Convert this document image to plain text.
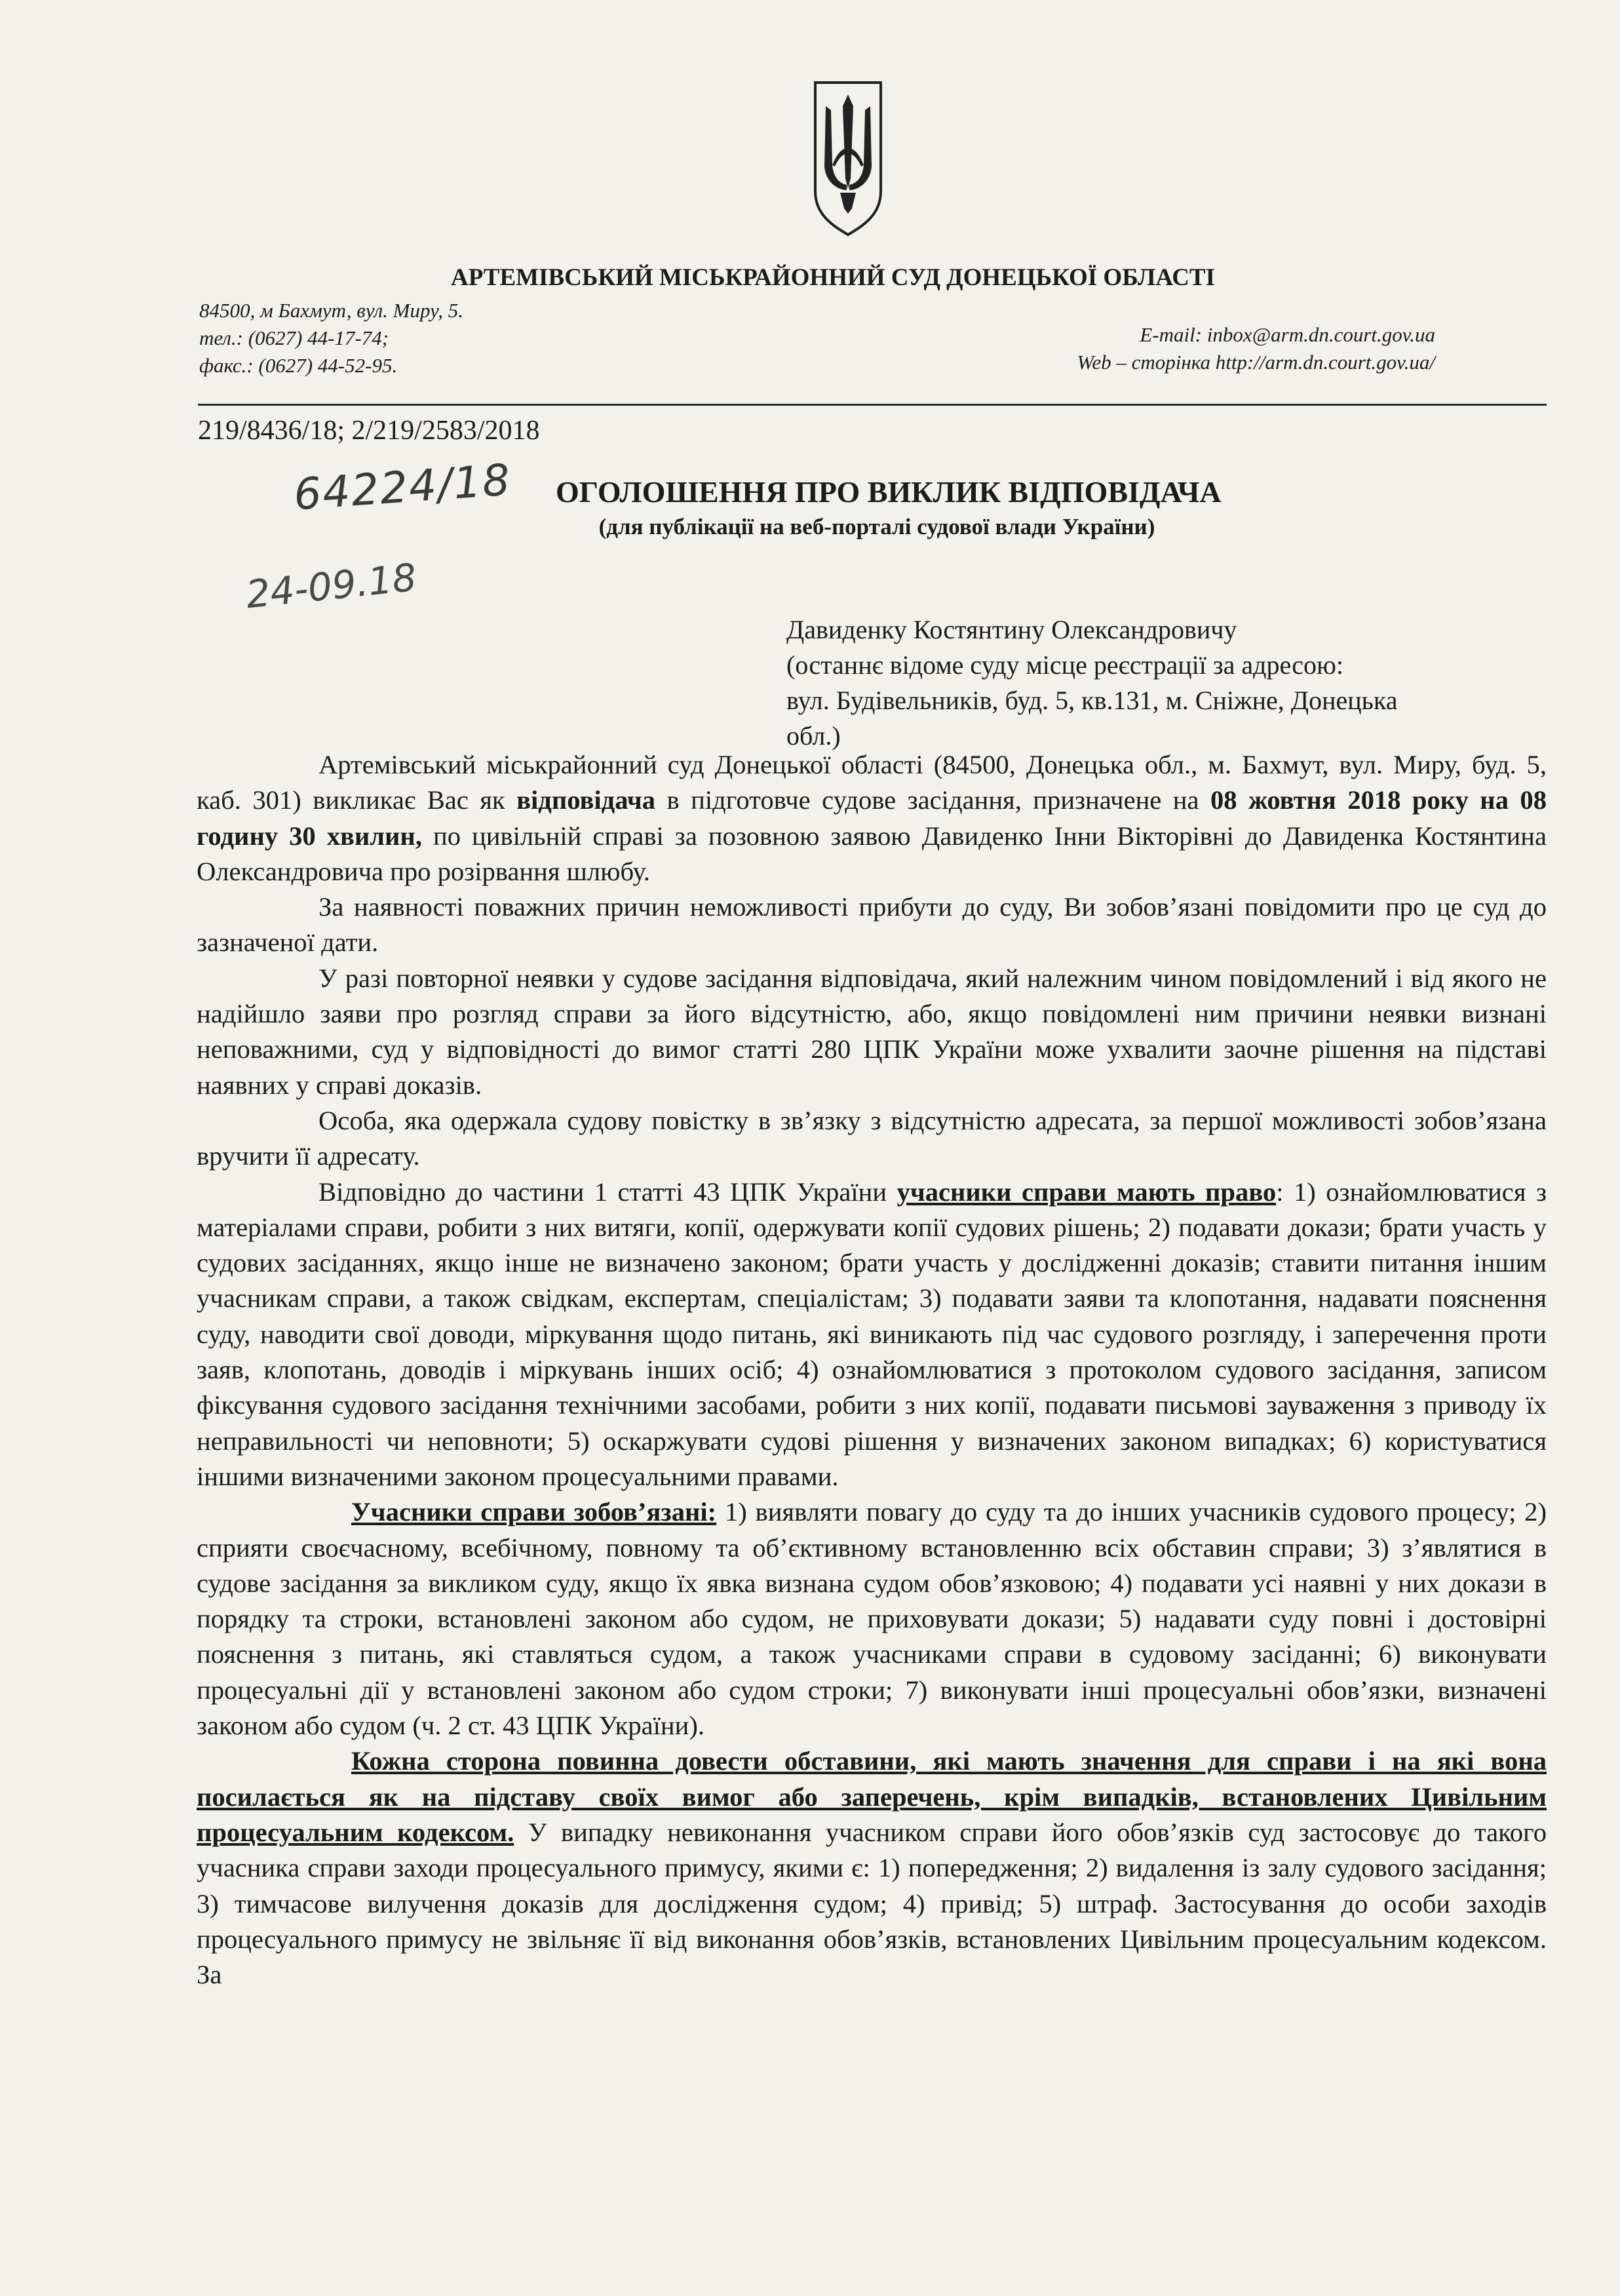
АРТЕМІВСЬКИЙ МІСЬКРАЙОННИЙ СУД ДОНЕЦЬКОЇ ОБЛАСТІ
84500, м Бахмут, вул. Миру, 5.
тел.: (0627) 44-17-74;
факс.: (0627) 44-52-95.
E-mail: inbox@arm.dn.court.gov.ua
Web – сторінка http://arm.dn.court.gov.ua/
219/8436/18; 2/219/2583/2018
64224/18
24-09.18
ОГОЛОШЕННЯ ПРО ВИКЛИК ВІДПОВІДАЧА
(для публікації на веб-порталі судової влади України)
Давиденку Костянтину Олександровичу
(останнє відоме суду місце реєстрації за адресою:
вул. Будівельників, буд. 5, кв.131, м. Сніжне, Донецька
обл.)

Артемівський міськрайонний суд Донецької області (84500, Донецька обл., м. Бахмут, вул. Миру, буд. 5, каб. 301) викликає Вас як відповідача в підготовче судове засідання, призначене на 08 жовтня 2018 року на 08 годину 30 хвилин, по цивільній справі за позовною заявою Давиденко Інни Вікторівні до Давиденка Костянтина Олександровича про розірвання шлюбу.

За наявності поважних причин неможливості прибути до суду, Ви зобов’язані повідомити про це суд до зазначеної дати.

У разі повторної неявки у судове засідання відповідача, який належним чином повідомлений і від якого не надійшло заяви про розгляд справи за його відсутністю, або, якщо повідомлені ним причини неявки визнані неповажними, суд у відповідності до вимог статті 280 ЦПК України може ухвалити заочне рішення на підставі наявних у справі доказів.

Особа, яка одержала судову повістку в зв’язку з відсутністю адресата, за першої можливості зобов’язана вручити її адресату.

Відповідно до частини 1 статті 43 ЦПК України учасники справи мають право: 1) ознайомлюватися з матеріалами справи, робити з них витяги, копії, одержувати копії судових рішень; 2) подавати докази; брати участь у судових засіданнях, якщо інше не визначено законом; брати участь у дослідженні доказів; ставити питання іншим учасникам справи, а також свідкам, експертам, спеціалістам; 3) подавати заяви та клопотання, надавати пояснення суду, наводити свої доводи, міркування щодо питань, які виникають під час судового розгляду, і заперечення проти заяв, клопотань, доводів і міркувань інших осіб; 4) ознайомлюватися з протоколом судового засідання, записом фіксування судового засідання технічними засобами, робити з них копії, подавати письмові зауваження з приводу їх неправильності чи неповноти; 5) оскаржувати судові рішення у визначених законом випадках; 6) користуватися іншими визначеними законом процесуальними правами.

Учасники справи зобов’язані: 1) виявляти повагу до суду та до інших учасників судового процесу; 2) сприяти своєчасному, всебічному, повному та об’єктивному встановленню всіх обставин справи; 3) з’являтися в судове засідання за викликом суду, якщо їх явка визнана судом обов’язковою; 4) подавати усі наявні у них докази в порядку та строки, встановлені законом або судом, не приховувати докази; 5) надавати суду повні і достовірні пояснення з питань, які ставляться судом, а також учасниками справи в судовому засіданні; 6) виконувати процесуальні дії у встановлені законом або судом строки; 7) виконувати інші процесуальні обов’язки, визначені законом або судом (ч. 2 ст. 43 ЦПК України).

Кожна сторона повинна довести обставини, які мають значення для справи і на які вона посилається як на підставу своїх вимог або заперечень, крім випадків, встановлених Цивільним процесуальним кодексом. У випадку невиконання учасником справи його обов’язків суд застосовує до такого учасника справи заходи процесуального примусу, якими є: 1) попередження; 2) видалення із залу судового засідання; 3) тимчасове вилучення доказів для дослідження судом; 4) привід; 5) штраф. Застосування до особи заходів процесуального примусу не звільняє її від виконання обов’язків, встановлених Цивільним процесуальним кодексом. За
